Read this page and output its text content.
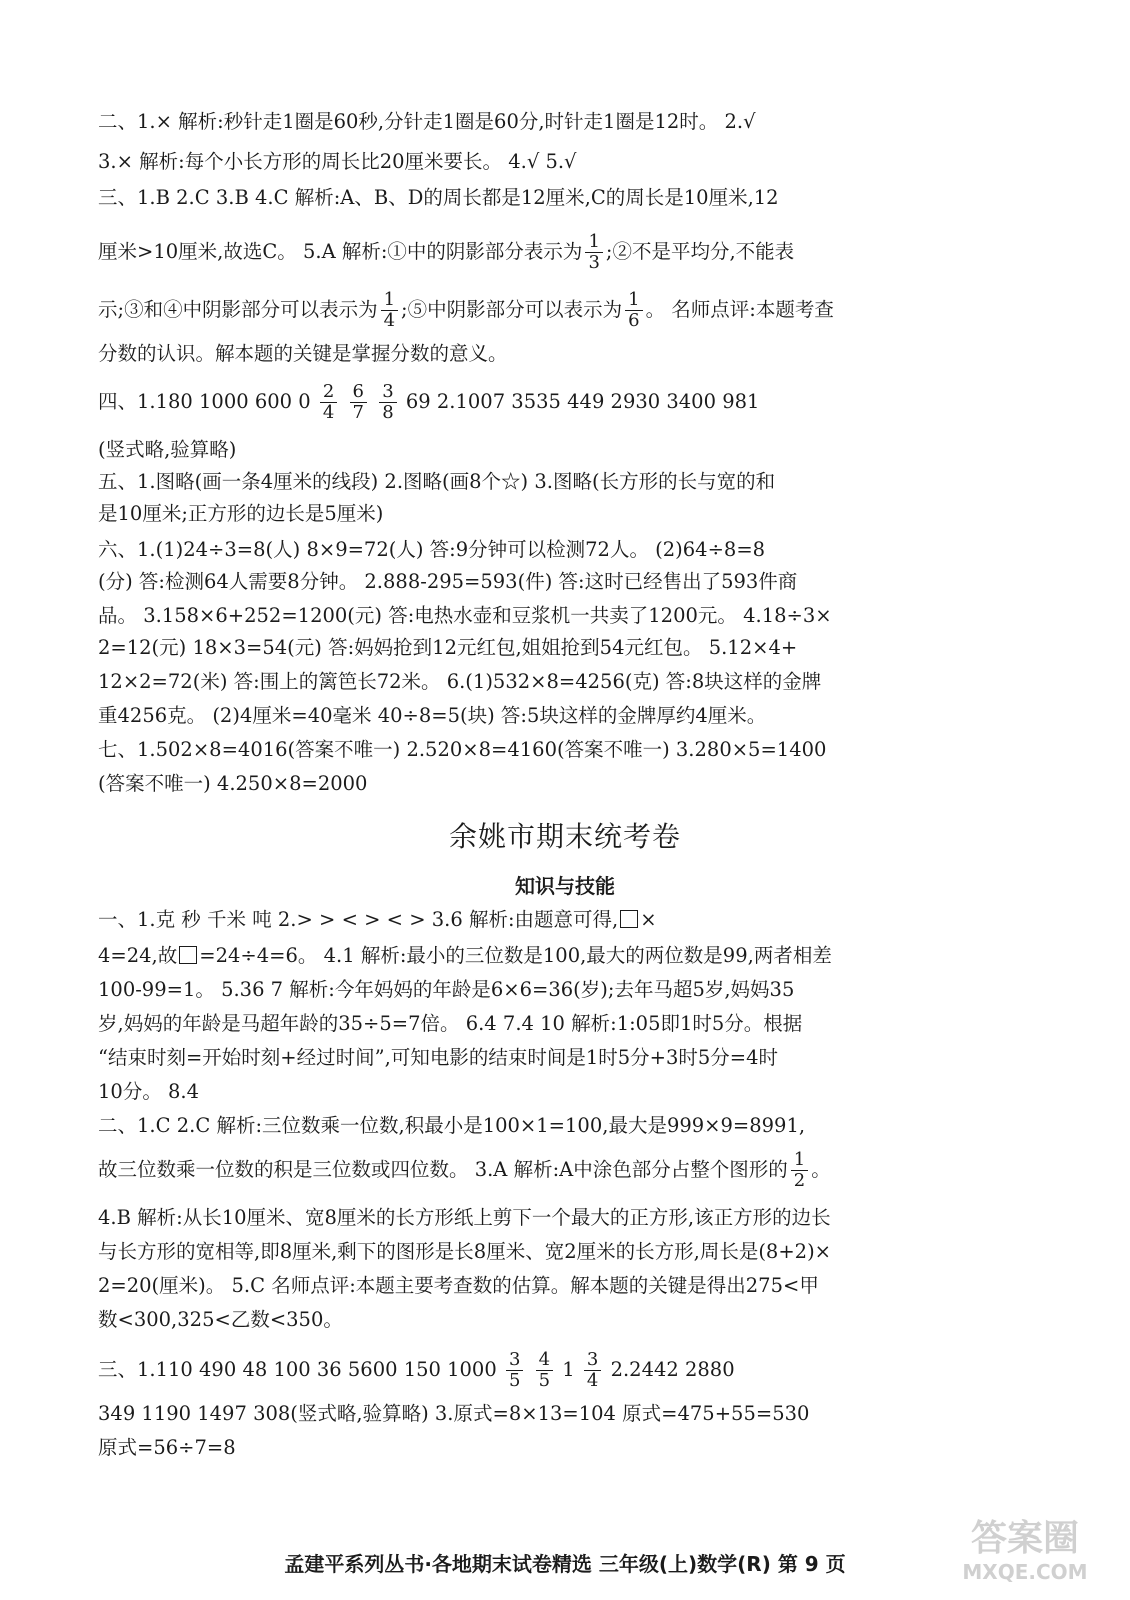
二、1.× 解析:秒针走1圈是60秒,分针走1圈是60分,时针走1圈是12时。 2.√
3.× 解析:每个小长方形的周长比20厘米要长。 4.√ 5.√
三、1.B 2.C 3.B 4.C 解析:A、B、D的周长都是12厘米,C的周长是10厘米,12
厘米>10厘米,故选C。 5.A 解析:①中的阴影部分表示为 $\frac{1}{3}$ ;②不是平均分,不能表
示;③和④中阴影部分可以表示为 $\frac{1}{4}$ ;⑤中阴影部分可以表示为 $\frac{1}{6}$ 。 名师点评:本题考查
分数的认识。解本题的关键是掌握分数的意义。
四、1.180 1000 600 $0 \frac{2}{4}$
$\frac{6}{7}$
$\frac{3}{8} 69$ 2.1007 3535 449 2930 3400 981
(竖式略,验算略)
五、1.图略(画一条4厘米的线段) 2.图略(画8个☆) 3.图略(长方形的长与宽的和
是10厘米;正方形的边长是5厘米)
六、1.(1)24÷3=8(人) 8×9=72(人) 答:9分钟可以检测72人。 (2)64÷8=8
(分) 答:检测64人需要8分钟。 2.888-295=593(件) 答:这时已经售出了593件商
品。 3.158×6+252=1200(元) 答:电热水壶和豆浆机一共卖了1200元。 4.18÷3×
2=12(元) 18×3=54(元) 答:妈妈抢到12元红包,姐姐抢到54元红包。 5.12×4+
12×2=72(米) 答:围上的篱笆长72米。 6.(1)532×8=4256(克) 答:8块这样的金牌
重4256克。 (2)4厘米=40毫米 40÷8=5(块) 答:5块这样的金牌厚约4厘米。
七、1.502×8=4016(答案不唯一) 2.520×8=4160(答案不唯一) 3.280×5=1400
(答案不唯一) 4.250×8=2000
余姚市期末统考卷
知识与技能
一、1.克 秒 千米 吨 2.> > < > < > 3.6 解析:由题意可得, ×
4=24,故 =24÷4=6。 4.1 解析:最小的三位数是100,最大的两位数是99,两者相差
100-99=1。 5.36 7 解析:今年妈妈的年龄是6×6=36(岁);去年马超5岁,妈妈35
岁,妈妈的年龄是马超年龄的35÷5=7倍。 6.4 7.4 10 解析:1:05即1时5分。根据
“结束时刻=开始时刻+经过时间”,可知电影的结束时间是1时5分+3时5分=4时
10分。 8.4
二、1.C 2.C 解析:三位数乘一位数,积最小是100×1=100,最大是999×9=8991,
故三位数乘一位数的积是三位数或四位数。 3.A 解析:A中涂色部分占整个图形的 $\frac{1}{2}$ 。
4.B 解析:从长10厘米、宽8厘米的长方形纸上剪下一个最大的正方形,该正方形的边长
与长方形的宽相等,即8厘米,剩下的图形是长8厘米、宽2厘米的长方形,周长是(8+2)×
2=20(厘米)。 5.C 名师点评:本题主要考查数的估算。解本题的关键是得出275<甲
数<300,325<乙数<350。
三、1.110 490 48 100 36 5600 150 $1000 \frac{3}{5}$
$\frac{4}{5} 1 \frac{3}{4} 2.2442$ 2880
349 1190 1497 308(竖式略,验算略) 3.原式=8×13=104 原式=475+55=530
原式=56÷7=8
孟建平系列丛书·各地期末试卷精选 三年级(上)数学(R) 第 9 页
答案圈
MXQE.COM
